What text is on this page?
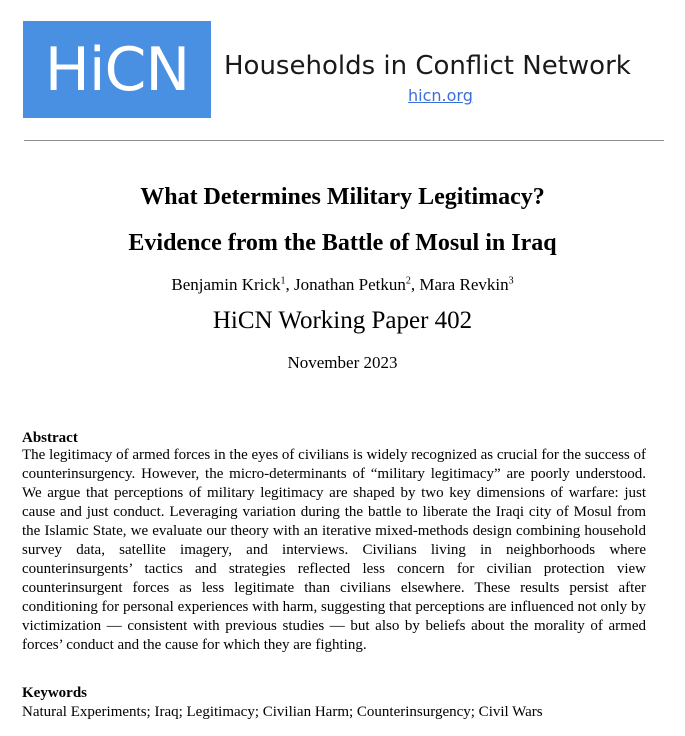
HiCN Households in Conflict Network
hicn.org
What Determines Military Legitimacy?
Evidence from the Battle of Mosul in Iraq
Benjamin Krick$^1$, Jonathan Petkun$^2$, Mara Revkin$^3$
HiCN Working Paper 402
November 2023
Abstract
The legitimacy of armed forces in the eyes of civilians is widely recognized as crucial for the success of counterinsurgency. However, the micro-determinants of “military legitimacy” are poorly understood. We argue that perceptions of military legitimacy are shaped by two key dimensions of warfare: just cause and just conduct. Leveraging variation during the battle to liberate the Iraqi city of Mosul from the Islamic State, we evaluate our theory with an iterative mixed-methods design combining household survey data, satellite imagery, and interviews. Civilians living in neighborhoods where counterinsurgents’ tactics and strategies reflected less concern for civilian protection view counterinsurgent forces as less legitimate than civilians elsewhere. These results persist after conditioning for personal experiences with harm, suggesting that perceptions are influenced not only by victimization — consistent with previous studies — but also by beliefs about the morality of armed forces’ conduct and the cause for which they are fighting.
Keywords
Natural Experiments; Iraq; Legitimacy; Civilian Harm; Counterinsurgency; Civil Wars
